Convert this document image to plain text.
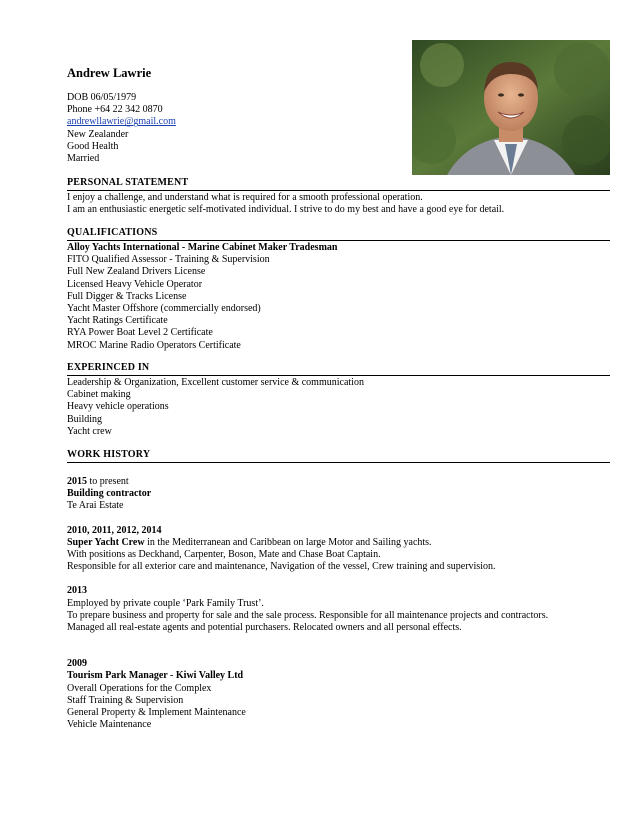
Andrew Lawrie
DOB 06/05/1979
Phone +64 22 342 0870
andrewllawrie@gmail.com
New Zealander
Good Health
Married
PERSONAL STATEMENT
I enjoy a challenge, and understand what is required for a smooth professional operation.
I am an enthusiastic energetic self-motivated individual. I strive to do my best and have a good eye for detail.
QUALIFICATIONS
Alloy Yachts International - Marine Cabinet Maker Tradesman
FITO Qualified Assessor - Training & Supervision
Full New Zealand Drivers License
Licensed Heavy Vehicle Operator
Full Digger & Tracks License
Yacht Master Offshore (commercially endorsed)
Yacht Ratings Certificate
RYA Power Boat Level 2 Certificate
MROC Marine Radio Operators Certificate
EXPERINCED IN
Leadership & Organization, Excellent customer service & communication
Cabinet making
Heavy vehicle operations
Building
Yacht crew
WORK HISTORY
2015 to present
Building contractor
Te Arai Estate
2010, 2011, 2012, 2014
Super Yacht Crew in the Mediterranean and Caribbean on large Motor and Sailing yachts.
With positions as Deckhand, Carpenter, Boson, Mate and Chase Boat Captain.
Responsible for all exterior care and maintenance, Navigation of the vessel, Crew training and supervision.
2013
Employed by private couple ‘Park Family Trust’.
To prepare business and property for sale and the sale process. Responsible for all maintenance projects and contractors.
Managed all real-estate agents and potential purchasers. Relocated owners and all personal effects.
2009
Tourism Park Manager - Kiwi Valley Ltd
Overall Operations for the Complex
Staff Training & Supervision
General Property & Implement Maintenance
Vehicle Maintenance
